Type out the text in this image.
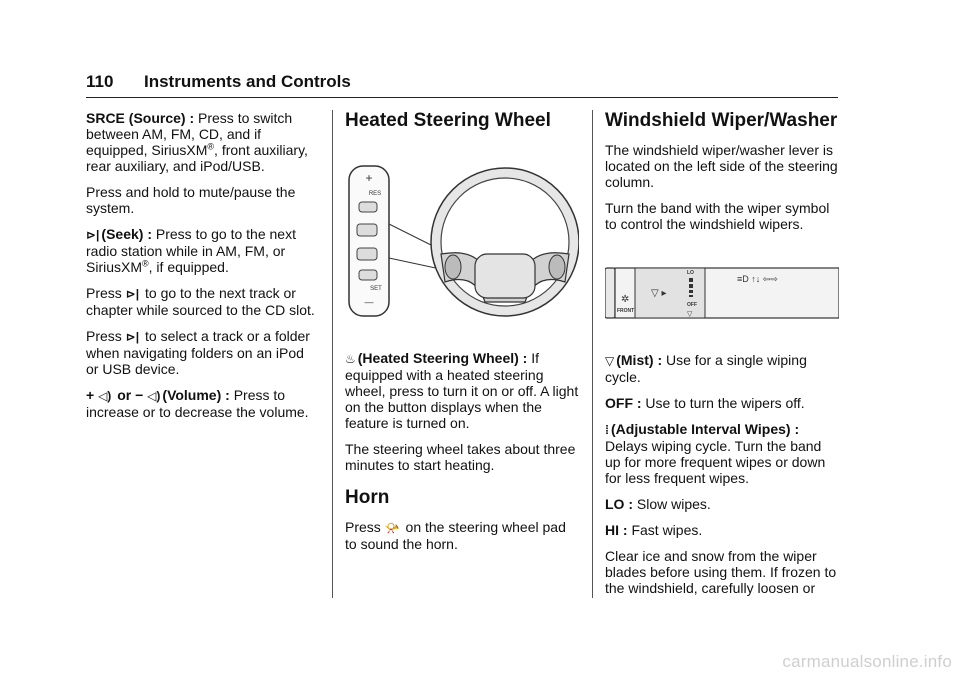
110 Instruments and Controls

SRCE (Source) : Press to switch between AM, FM, CD, and if equipped, SiriusXM®, front auxiliary, rear auxiliary, and iPod/USB.

Press and hold to mute/pause the system.

⊳| (Seek) : Press to go to the next radio station while in AM, FM, or SiriusXM®, if equipped.

Press ⊳| to go to the next track or chapter while sourced to the CD slot.

Press ⊳| to select a track or a folder when navigating folders on an iPod or USB device.

+ ◁) or − ◁) (Volume) : Press to increase or to decrease the volume.

Heated Steering Wheel
+
RES
SET
—

♨ (Heated Steering Wheel) : If equipped with a heated steering wheel, press to turn it on or off. A light on the button displays when the feature is turned on.

The steering wheel takes about three minutes to start heating.

Horn

Press 📯 on the steering wheel pad to sound the horn.

Windshield Wiper/Washer

The windshield wiper/washer lever is located on the left side of the steering column.

Turn the band with the wiper symbol to control the windshield wipers.

✲
FRONT
▽ ▸
LO
OFF
▽
≡D ↑↓ ⇦⇨

▽ (Mist) : Use for a single wiping cycle.

OFF : Use to turn the wipers off.

⁞ (Adjustable Interval Wipes) : Delays wiping cycle. Turn the band up for more frequent wipes or down for less frequent wipes.

LO : Slow wipes.

HI : Fast wipes.

Clear ice and snow from the wiper blades before using them. If frozen to the windshield, carefully loosen or

carmanualsonline.info
